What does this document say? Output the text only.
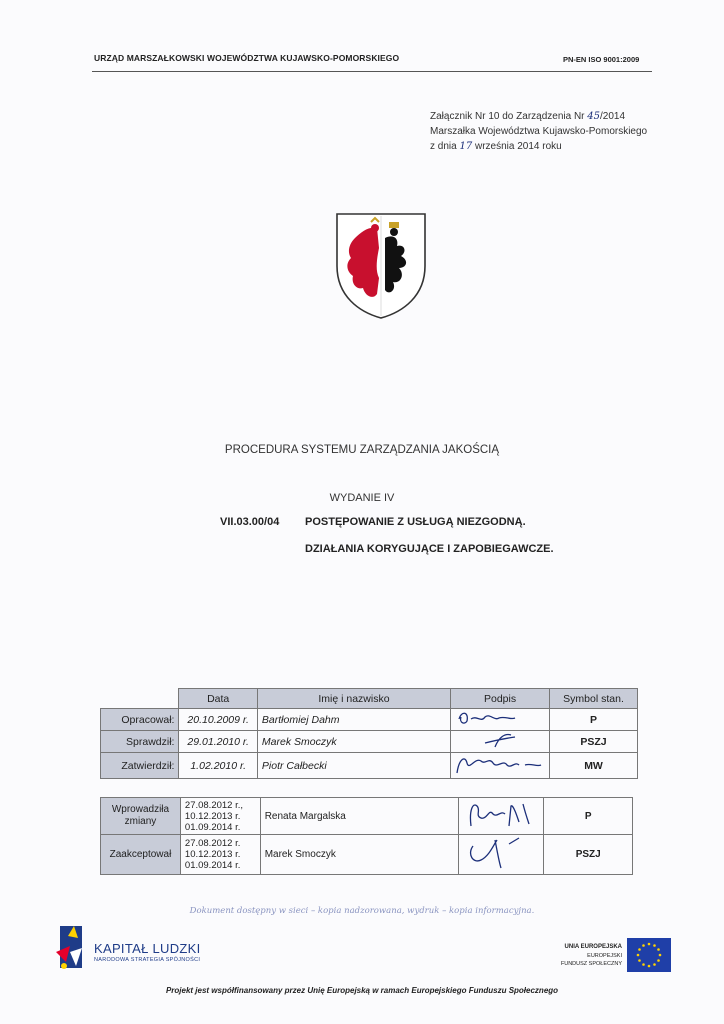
URZĄD MARSZAŁKOWSKI WOJEWÓDZTWA KUJAWSKO-POMORSKIEGO	PN-EN ISO 9001:2009
Załącznik Nr 10 do Zarządzenia Nr 45/2014
Marszałka Województwa Kujawsko-Pomorskiego
z dnia 17 września 2014 roku
PROCEDURA SYSTEMU ZARZĄDZANIA JAKOŚCIĄ
WYDANIE IV
VII.03.00/04 POSTĘPOWANIE Z USŁUGĄ NIEZGODNĄ.
DZIAŁANIA KORYGUJĄCE I ZAPOBIEGAWCZE.
	Data	Imię i nazwisko	Podpis	Symbol stan.
Opracował:	20.10.2009 r.	Bartłomiej Dahm		P
Sprawdził:	29.01.2010 r.	Marek Smoczyk		PSZJ
Zatwierdził:	1.02.2010 r.	Piotr Całbecki		MW
Wprowadziła zmiany	27.08.2012 r.,
10.12.2013 r.
01.09.2014 r.	Renata Margalska		P
Zaakceptował	27.08.2012 r.
10.12.2013 r.
01.09.2014 r.	Marek Smoczyk		PSZJ
Dokument dostępny w sieci – kopia nadzorowana, wydruk – kopia informacyjna.
KAPITAŁ LUDZKI
NARODOWA STRATEGIA SPÓJNOŚCI
UNIA EUROPEJSKA
EUROPEJSKI
FUNDUSZ SPOŁECZNY
Projekt jest współfinansowany przez Unię Europejską w ramach Europejskiego Funduszu Społecznego
